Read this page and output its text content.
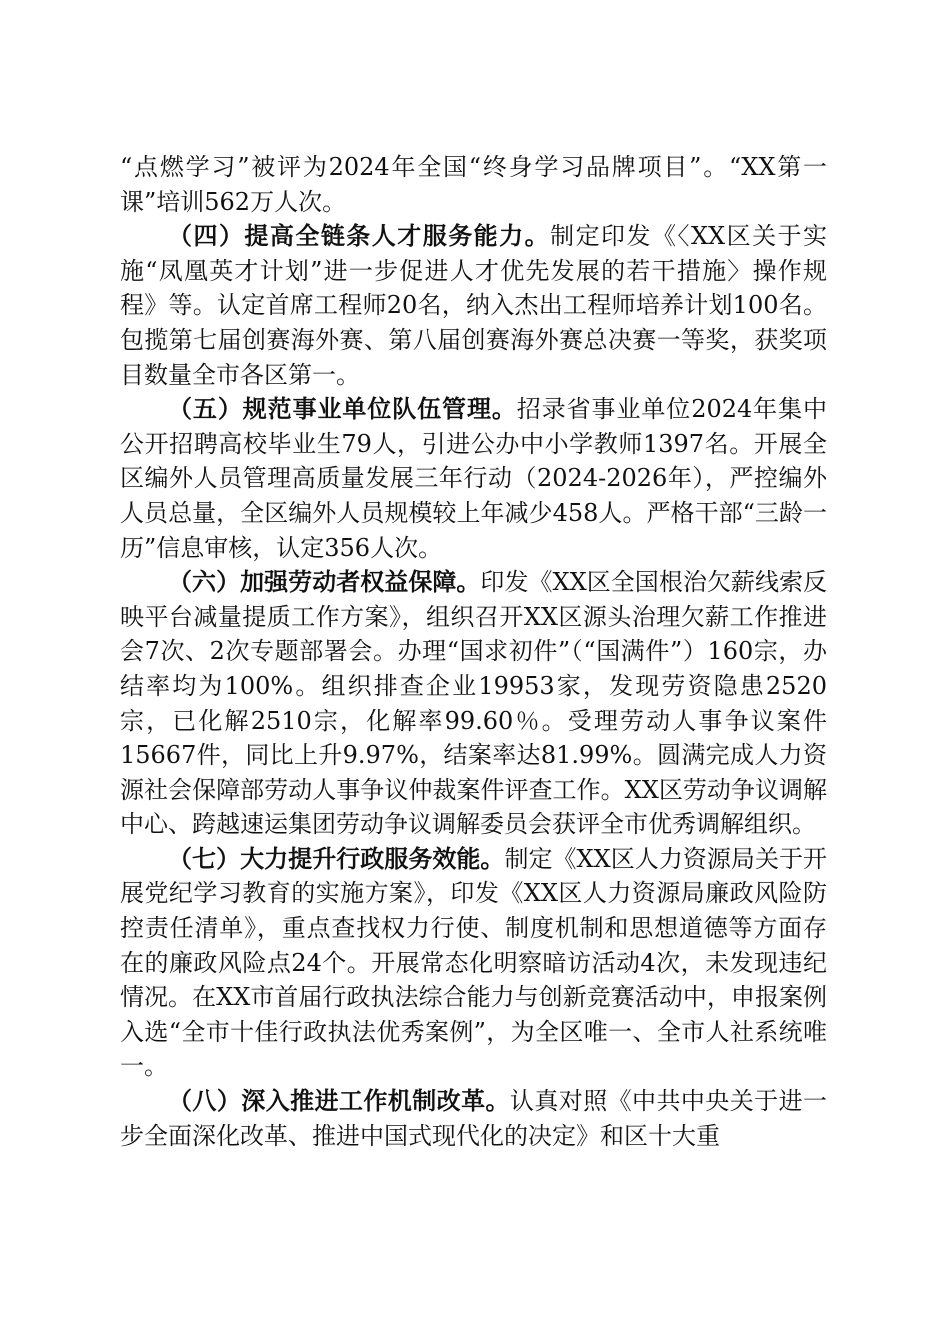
“点燃学习”被评为2024年全国“终身学习品牌项目”。“XX第一课”培训562万人次。

（四）提高全链条人才服务能力。制定印发《〈XX区关于实施“凤凰英才计划”进一步促进人才优先发展的若干措施〉操作规程》等。认定首席工程师20名，纳入杰出工程师培养计划100名。包揽第七届创赛海外赛、第八届创赛海外赛总决赛一等奖，获奖项目数量全市各区第一。

（五）规范事业单位队伍管理。招录省事业单位2024年集中公开招聘高校毕业生79人，引进公办中小学教师1397名。开展全区编外人员管理高质量发展三年行动（2024-2026年），严控编外人员总量，全区编外人员规模较上年减少458人。严格干部“三龄一历”信息审核，认定356人次。

（六）加强劳动者权益保障。印发《XX区全国根治欠薪线索反映平台减量提质工作方案》，组织召开XX区源头治理欠薪工作推进会7次、2次专题部署会。办理“国求初件”（“国满件”）160宗，办结率均为100%。组织排查企业19953家，发现劳资隐患2520宗，已化解2510宗，化解率99.60％。受理劳动人事争议案件15667件，同比上升9.97%，结案率达81.99%。圆满完成人力资源社会保障部劳动人事争议仲裁案件评查工作。XX区劳动争议调解中心、跨越速运集团劳动争议调解委员会获评全市优秀调解组织。

（七）大力提升行政服务效能。制定《XX区人力资源局关于开展党纪学习教育的实施方案》，印发《XX区人力资源局廉政风险防控责任清单》，重点查找权力行使、制度机制和思想道德等方面存在的廉政风险点24个。开展常态化明察暗访活动4次，未发现违纪情况。在XX市首届行政执法综合能力与创新竞赛活动中，申报案例入选“全市十佳行政执法优秀案例”，为全区唯一、全市人社系统唯一。

（八）深入推进工作机制改革。认真对照《中共中央关于进一步全面深化改革、推进中国式现代化的决定》和区十大重
